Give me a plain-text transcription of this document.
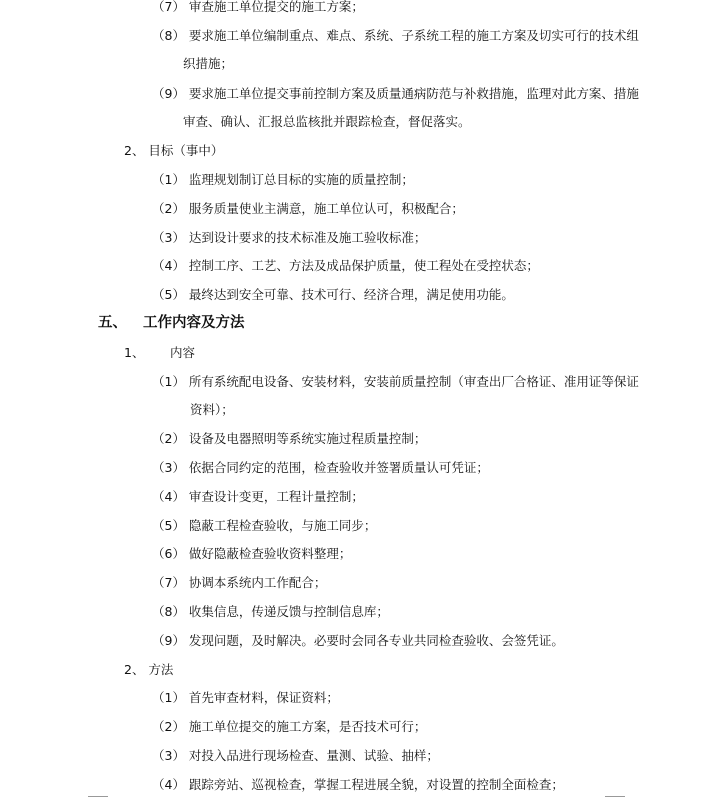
（7） 审查施工单位提交的施工方案；
（8） 要求施工单位编制重点、难点、系统、子系统工程的施工方案及切实可行的技术组
织措施；
（9） 要求施工单位提交事前控制方案及质量通病防范与补救措施，监理对此方案、措施
审查、确认、汇报总监核批并跟踪检查，督促落实。
2、 目标（事中）
（1） 监理规划制订总目标的实施的质量控制；
（2） 服务质量使业主满意，施工单位认可，积极配合；
（3） 达到设计要求的技术标准及施工验收标准；
（4） 控制工序、工艺、方法及成品保护质量，使工程处在受控状态；
（5） 最终达到安全可靠、技术可行、经济合理，满足使用功能。
五、 工作内容及方法
1、 内容
（1） 所有系统配电设备、安装材料，安装前质量控制（审查出厂合格证、准用证等保证
资料）；
（2） 设备及电器照明等系统实施过程质量控制；
（3） 依据合同约定的范围，检查验收并签署质量认可凭证；
（4） 审查设计变更，工程计量控制；
（5） 隐蔽工程检查验收，与施工同步；
（6） 做好隐蔽检查验收资料整理；
（7） 协调本系统内工作配合；
（8） 收集信息，传递反馈与控制信息库；
（9） 发现问题，及时解决。必要时会同各专业共同检查验收、会签凭证。
2、 方法
（1） 首先审查材料，保证资料；
（2） 施工单位提交的施工方案，是否技术可行；
（3） 对投入品进行现场检查、量测、试验、抽样；
（4） 跟踪旁站、巡视检查，掌握工程进展全貌，对设置的控制全面检查；
